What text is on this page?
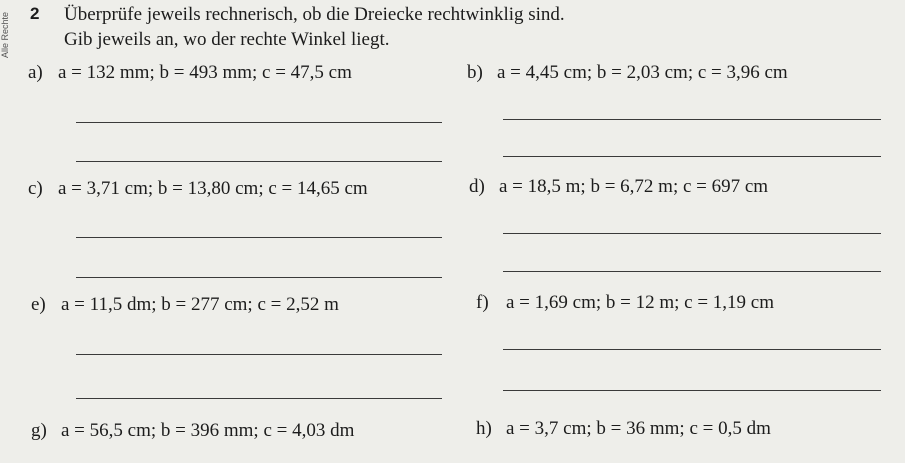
Alle Rechte 2 Überprüfe jeweils rechnerisch, ob die Dreiecke rechtwinklig sind.
Gib jeweils an, wo der rechte Winkel liegt.
a) a = 132 mm; b = 493 mm; c = 47,5 cm	b) a = 4,45 cm; b = 2,03 cm; c = 3,96 cm
c) a = 3,71 cm; b = 13,80 cm; c = 14,65 cm	d) a = 18,5 m; b = 6,72 m; c = 697 cm
e) a = 11,5 dm; b = 277 cm; c = 2,52 m	f) a = 1,69 cm; b = 12 m; c = 1,19 cm
g) a = 56,5 cm; b = 396 mm; c = 4,03 dm	h) a = 3,7 cm; b = 36 mm; c = 0,5 dm
